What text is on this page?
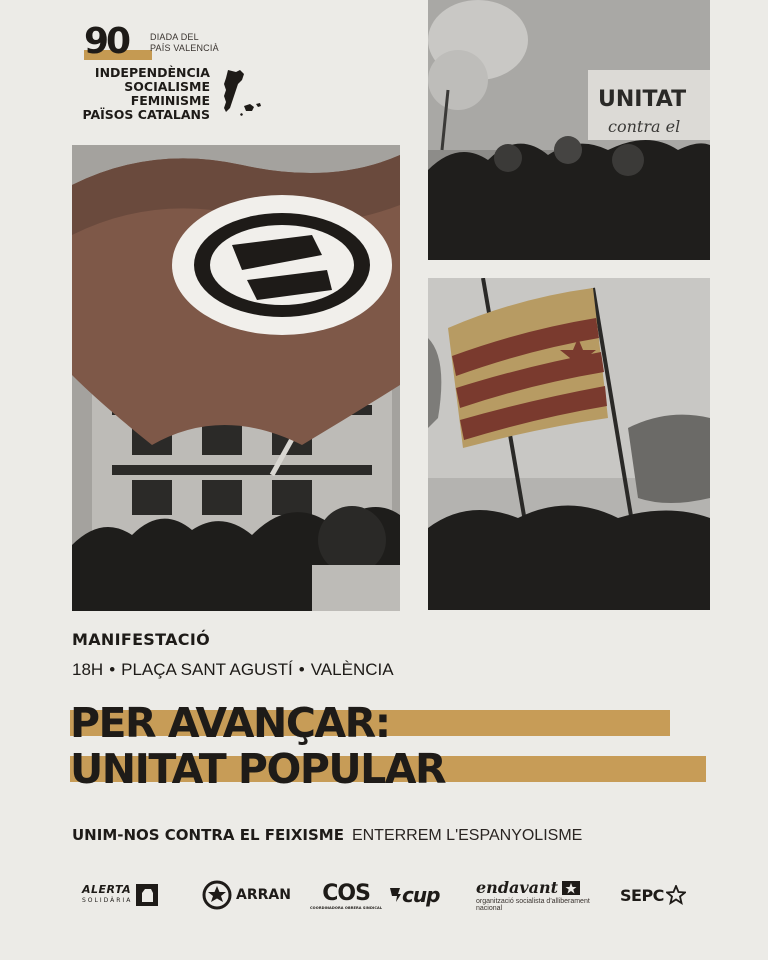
90 DIADA DEL
PAÍS VALENCIÀ
INDEPENDÈNCIA
SOCIALISME
FEMINISME
PAÏSOS CATALANS
UNITAT
contra el
MANIFESTACIÓ
18H • PLAÇA SANT AGUSTÍ • VALÈNCIA
PER AVANÇAR:
UNITAT POPULAR
UNIM-NOS CONTRA EL FEIXISME ENTERREM L'ESPANYOLISME
ALERTA
SOLIDÀRIA	ARRAN COS
COORDINADORA OBRERA SINDICAL
cup endavant
organització socialista d'alliberament nacional
SEPC
